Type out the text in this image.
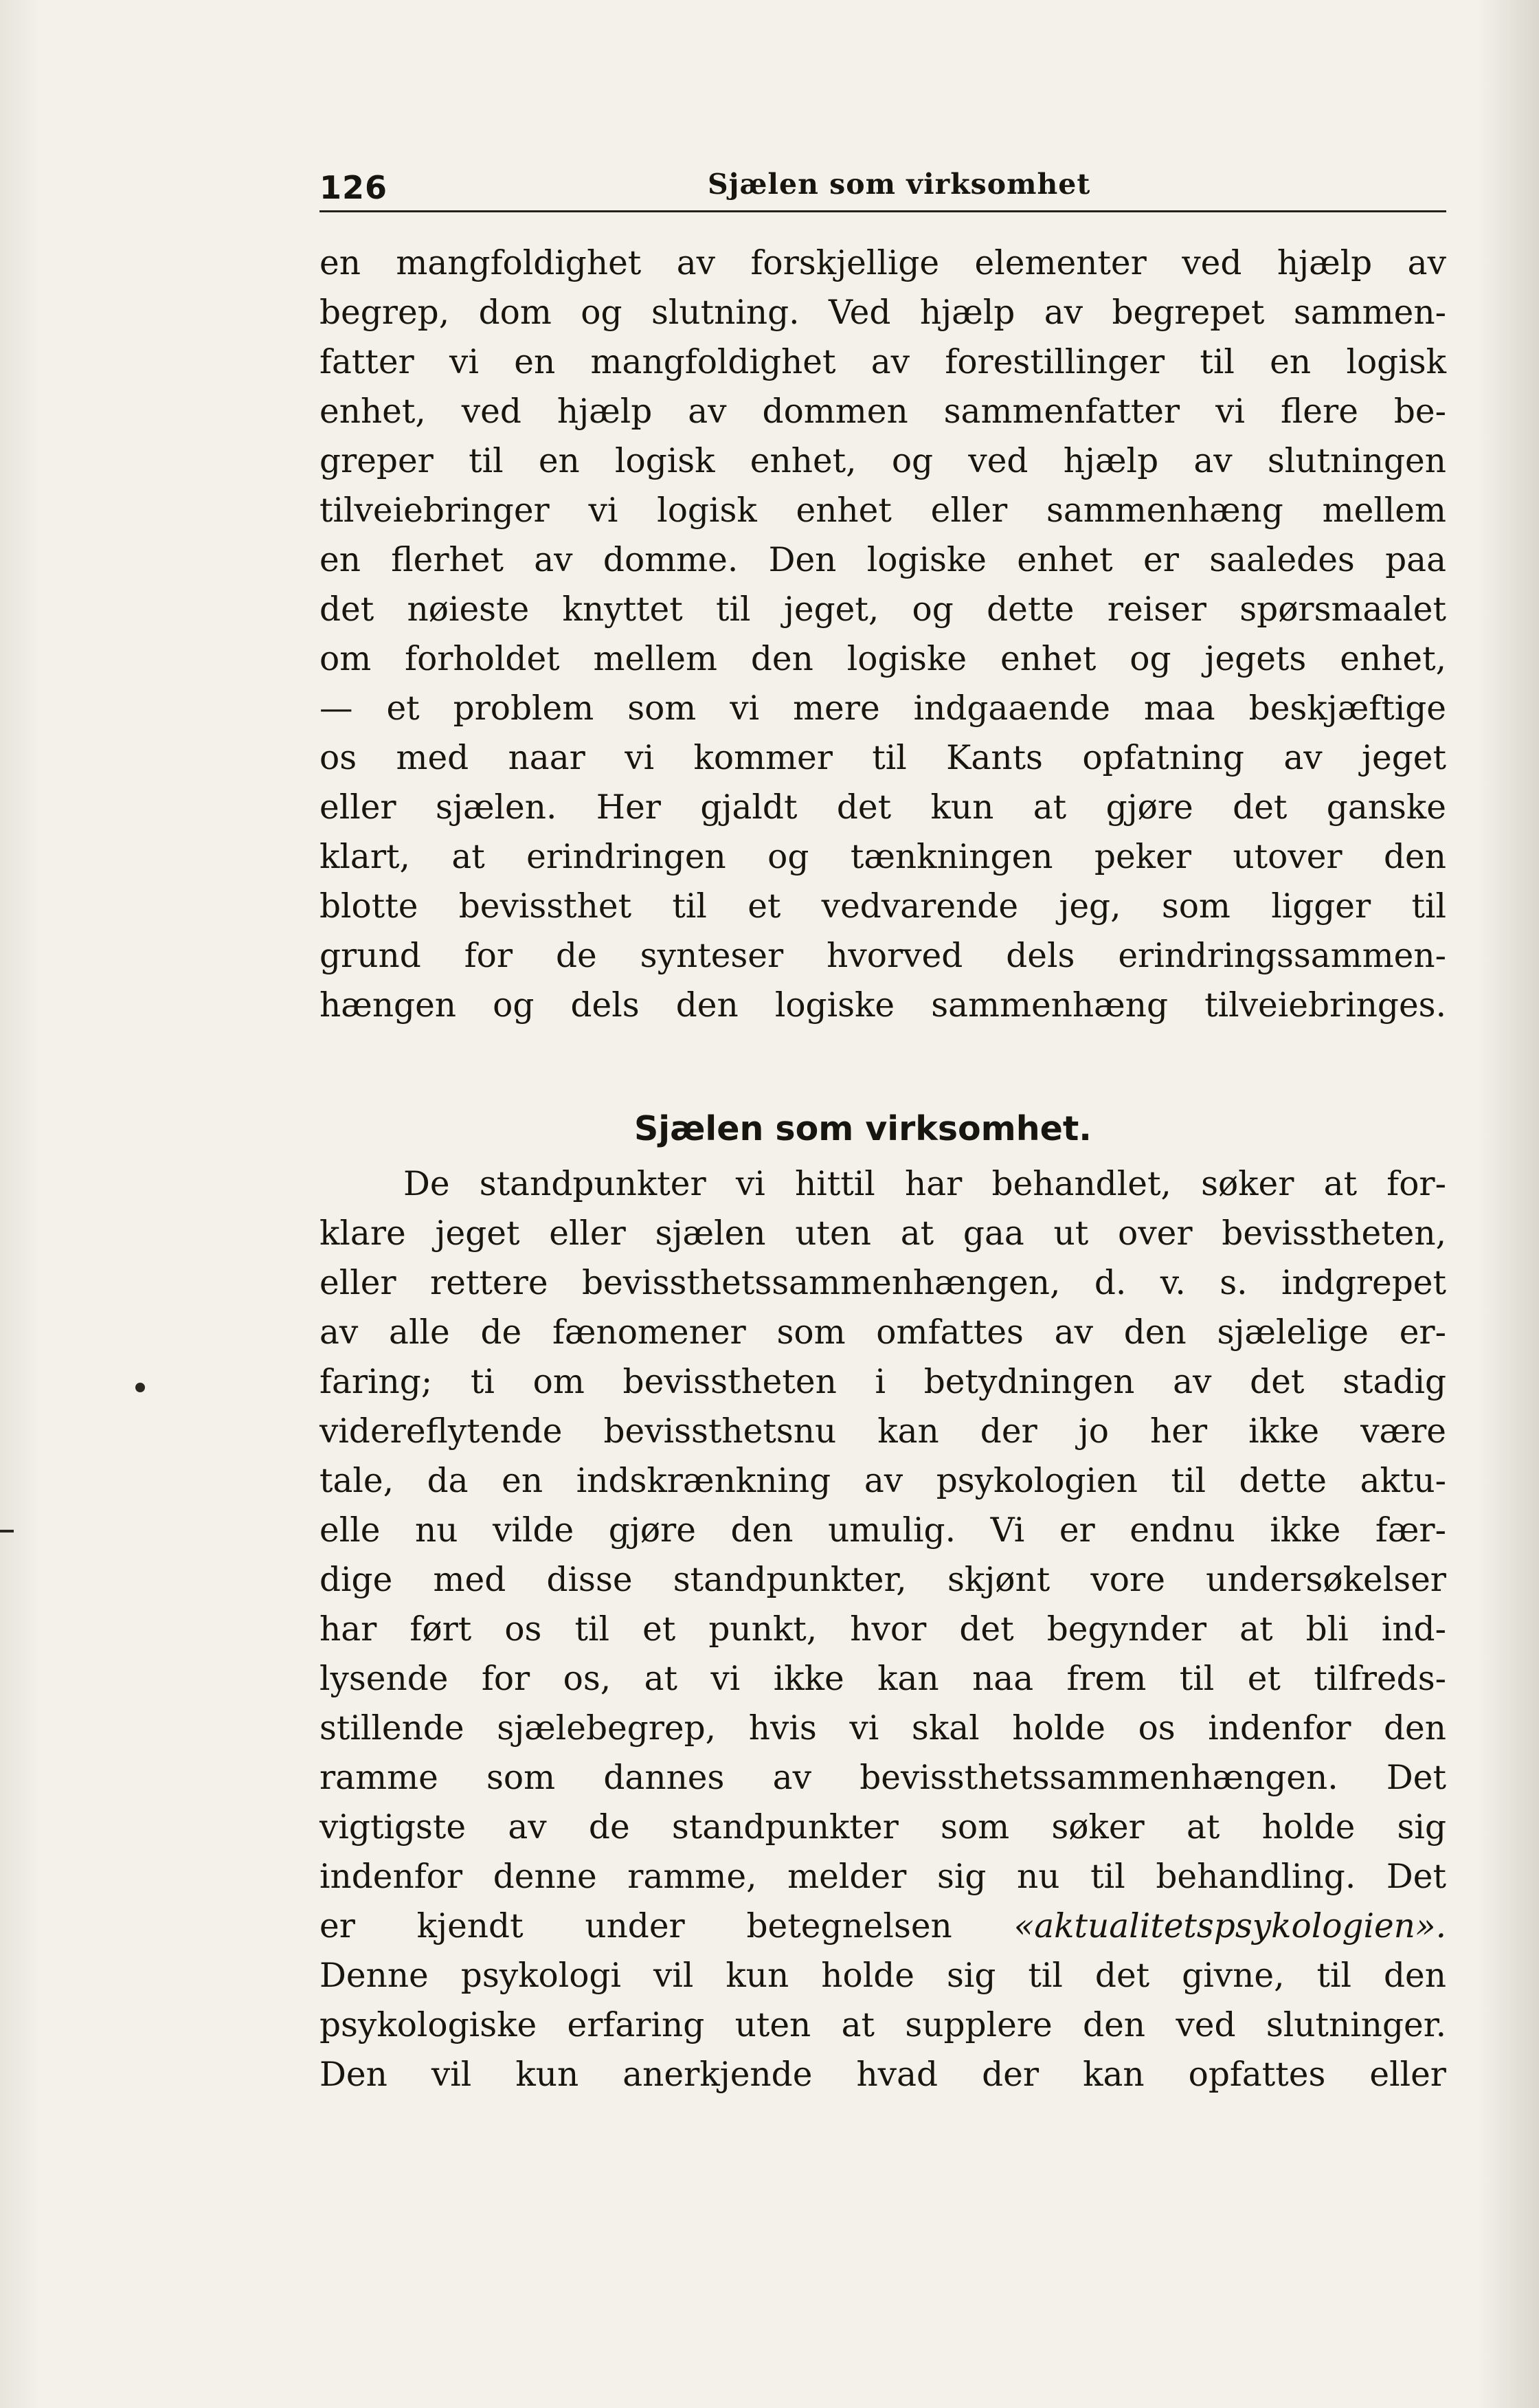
126	Sjælen som virksomhet
en mangfoldighet av forskjellige elementer ved hjælp av
begrep, dom og slutning. Ved hjælp av begrepet sammen-
fatter vi en mangfoldighet av forestillinger til en logisk
enhet, ved hjælp av dommen sammenfatter vi flere be-
greper til en logisk enhet, og ved hjælp av slutningen
tilveiebringer vi logisk enhet eller sammenhæng mellem
en flerhet av domme. Den logiske enhet er saaledes paa
det nøieste knyttet til jeget, og dette reiser spørsmaalet
om forholdet mellem den logiske enhet og jegets enhet,
— et problem som vi mere indgaaende maa beskjæftige
os med naar vi kommer til Kants opfatning av jeget
eller sjælen. Her gjaldt det kun at gjøre det ganske
klart, at erindringen og tænkningen peker utover den
blotte bevissthet til et vedvarende jeg, som ligger til
grund for de synteser hvorved dels erindringssammen-
hængen og dels den logiske sammenhæng tilveiebringes.
Sjælen som virksomhet.
De standpunkter vi hittil har behandlet, søker at for-
klare jeget eller sjælen uten at gaa ut over bevisstheten,
eller rettere bevissthetssammenhængen, d. v. s. indgrepet
av alle de fænomener som omfattes av den sjælelige er-
faring; ti om bevisstheten i betydningen av det stadig
videreflytende bevissthetsnu kan der jo her ikke være
tale, da en indskrænkning av psykologien til dette aktu-
elle nu vilde gjøre den umulig. Vi er endnu ikke fær-
dige med disse standpunkter, skjønt vore undersøkelser
har ført os til et punkt, hvor det begynder at bli ind-
lysende for os, at vi ikke kan naa frem til et tilfreds-
stillende sjælebegrep, hvis vi skal holde os indenfor den
ramme som dannes av bevissthetssammenhængen. Det
vigtigste av de standpunkter som søker at holde sig
indenfor denne ramme, melder sig nu til behandling. Det
er kjendt under betegnelsen «aktualitetspsykologien».
Denne psykologi vil kun holde sig til det givne, til den
psykologiske erfaring uten at supplere den ved slutninger.
Den vil kun anerkjende hvad der kan opfattes eller
